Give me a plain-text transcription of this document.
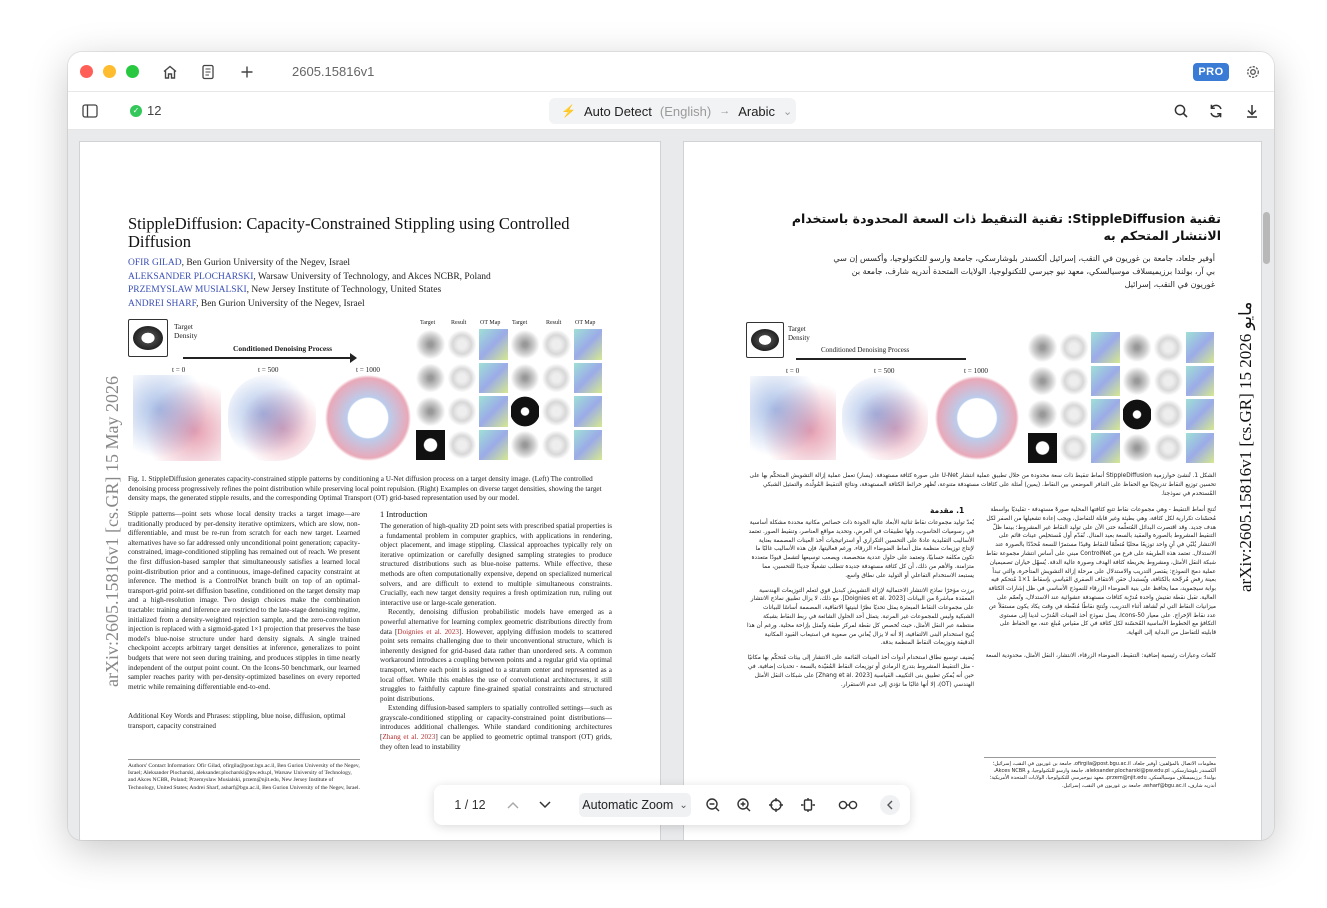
2605.15816v1	PRO
✓ 12	⚡ Auto Detect (English) → Arabic ⌄
arXiv:2605.15816v1 [cs.GR] 15 May 2026
StippleDiffusion: Capacity-Constrained Stippling using Controlled Diffusion
OFIR GILAD, Ben Gurion University of the Negev, Israel
ALEKSANDER PLOCHARSKI, Warsaw University of Technology, and Akces NCBR, Poland
PRZEMYSLAW MUSIALSKI, New Jersey Institute of Technology, United States
ANDREI SHARF, Ben Gurion University of the Negev, Israel
Target Density
Conditioned Denoising Process
t = 0	t = 500	t = 1000
Target	Result OT Map Target	Result OT Map
Fig. 1. StippleDiffusion generates capacity-constrained stipple patterns by conditioning a U-Net diffusion process on a target density image. (Left) The controlled denoising process progressively refines the point distribution while preserving local point repulsion. (Right) Examples on diverse target densities, showing the target density maps, the generated stipple results, and the corresponding Optimal Transport (OT) grid-based representation used by our model.
Stipple patterns—point sets whose local density tracks a target image—are traditionally produced by per-density iterative optimizers, which are slow, non-differentiable, and must be re-run from scratch for each new target. Learned alternatives have so far addressed only unconditional point generation; capacity-constrained, image-conditioned stippling has remained out of reach. We present the first diffusion-based sampler that simultaneously satisfies a learned local point-distribution prior and a continuous, image-defined capacity constraint at inference. The method is a ControlNet branch built on top of an optimal-transport-grid point-set diffusion baseline, conditioned on the target density map and a high-resolution image. Two design choices make the combination tractable: training and inference are restricted to the late-stage denoising regime, initialized from a density-weighted rejection sample, and the zero-convolution injection is replaced with a sigmoid-gated 1×1 projection that preserves the base model's blue-noise structure under hard density signals. A single trained checkpoint accepts arbitrary target densities at inference, generalizes to point budgets that were not seen during training, and produces stipples in time nearly independent of the output point count. On the Icons-50 benchmark, our learned sampler reaches parity with per-density-optimized baselines on every reported metric while remaining differentiable end-to-end.
Additional Key Words and Phrases: stippling, blue noise, diffusion, optimal transport, capacity constrained
Authors' Contact Information: Ofir Gilad, ofirgila@post.bgu.ac.il, Ben Gurion University of the Negev, Israel; Aleksander Plocharski, aleksander.plocharski@pw.edu.pl, Warsaw University of Technology, and Akces NCBR, Poland; Przemyslaw Musialski, przem@njit.edu, New Jersey Institute of Technology, United States; Andrei Sharf, asharf@bgu.ac.il, Ben Gurion University of the Negev, Israel.
1 Introduction

The generation of high-quality 2D point sets with prescribed spatial properties is a fundamental problem in computer graphics, with applications in rendering, object placement, and image stippling. Classical approaches typically rely on iterative optimization or carefully designed sampling strategies to produce structured distributions such as blue-noise patterns. While effective, these methods are often computationally expensive, depend on specialized numerical solvers, and are difficult to extend to multiple simultaneous constraints. Crucially, each new target density requires a fresh optimization run, ruling out interactive use or large-scale generation.

Recently, denoising diffusion probabilistic models have emerged as a powerful alternative for learning complex geometric distributions directly from data [Doignies et al. 2023]. However, applying diffusion models to scattered point sets remains challenging due to their unconventional structure, which is inherently designed for grid-based data rather than unordered sets. A common workaround introduces a coupling between points and a regular grid via optimal transport, where each point is assigned to a stratum center and represented as a local offset. While this enables the use of convolutional architectures, it still struggles to faithfully capture fine-grained spatial constraints and structured point distributions.

Extending diffusion-based samplers to spatially controlled settings—such as grayscale-conditioned stippling or capacity-constrained point distributions—introduces additional challenges. While standard conditioning architectures [Zhang et al. 2023] can be applied to geometric optimal transport (OT) grids, they often lead to instability

arXiv:2605.15816v1 [cs.GR] 15 2026 مايو
تقنية StippleDiffusion: تقنية التنقيط ذات السعة المحدودة باستخدام الانتشار المتحكم به
أوفير جلعاد، جامعة بن غوريون في النقب، إسرائيل ألكسندر بلوشارسكي، جامعة وارسو للتكنولوجيا، وأكسس إن سي بي آر، بولندا برزيميسلاف موسيالسكي، معهد نيو جيرسي للتكنولوجيا، الولايات المتحدة أندريه شارف، جامعة بن غوريون في النقب، إسرائيل
Target Density
Conditioned Denoising Process
t = 0	t = 500	t = 1000
الشكل 1. تُنشئ خوارزمية StippleDiffusion أنماط تنقيط ذات سعة محدودة من خلال تطبيق عملية انتشار U-Net على صورة كثافة مستهدفة. (يسار) تعمل عملية إزالة التشويش المتحكّم بها على تحسين توزيع النقاط تدريجيًا مع الحفاظ على التنافر الموضعي بين النقاط. (يمين) أمثلة على كثافات مستهدفة متنوعة، تُظهر خرائط الكثافة المستهدفة، ونتائج التنقيط المُولّدة، والتمثيل الشبكي المُستخدم في نموذجنا.

تُنتج أنماط التنقيط - وهي مجموعات نقاط تتبع كثافتها المحلية صورةً مستهدفة - تقليديًا بواسطة مُحسّنات تكرارية لكل كثافة، وهي بطيئة وغير قابلة للتفاضل، ويجب إعادة تشغيلها من الصفر لكل هدف جديد. وقد اقتصرت البدائل المُتعلّمة حتى الآن على توليد النقاط غير المشروط؛ بينما ظلّ التنقيط المشروط بالصورة والمقيد بالسعة بعيد المنال. نُقدّم أول مُستخلِص عينات قائم على الانتشار يُلبّي في آنٍ واحد توزيعًا محليًا مُتعلّمًا للنقاط وقيدًا مستمرًا للسعة مُحدّدًا بالصورة عند الاستدلال. تعتمد هذه الطريقة على فرع من ControlNet مبني على أساس انتشار مجموعة نقاط شبكة النقل الأمثل، ومشروط بخريطة كثافة الهدف وصورة عالية الدقة. يُسهّل خياران تصميميان عملية دمج النموذج: يقتصر التدريب والاستدلال على مرحلة إزالة التشويش المتأخرة، والتي تبدأ بعينة رفض مُرجّحة بالكثافة، ويُستبدل حقن الانتقاف الصفري القياسي بإسقاط 1×1 مُتحكم فيه بوابة سيجمويد، مما يحافظ على بنية الضوضاء الزرقاء للنموذج الأساسي في ظل إشارات الكثافة العالية. تقبل نقطة تفتيش واحدة مُدرّبة كثافات مستهدفة عشوائية عند الاستدلال، وتُعمّم على ميزانيات النقاط التي لم تُشاهد أثناء التدريب، وتُنتج نقاطًا مُنقّطة في وقت يكاد يكون مستقلاً عن عدد نقاط الإخراج. على معيار Icons-50، يصل نموذج أخذ العينات المُدرّب لدينا إلى مستوى التكافؤ مع الخطوط الأساسية المُحسّنة لكل كثافة في كل مقياس مُبلغ عنه، مع الحفاظ على قابليته للتفاضل من البداية إلى النهاية.

كلمات وعبارات رئيسية إضافية: التنقيط، الضوضاء الزرقاء، الانتشار، النقل الأمثل، محدودية السعة

1. مقدمة

يُعدّ توليد مجموعات نقاط ثنائية الأبعاد عالية الجودة ذات خصائص مكانية محددة مشكلة أساسية في رسوميات الحاسوب، ولها تطبيقات في العرض، وتحديد مواقع العناصر، وتنقيط الصور. تعتمد الأساليب التقليدية عادةً على التحسين التكراري أو استراتيجيات أخذ العينات المصممة بعناية لإنتاج توزيعات منظمة مثل أنماط الضوضاء الزرقاء. ورغم فعاليتها، فإن هذه الأساليب غالبًا ما تكون مكلفة حسابيًا، وتعتمد على حلول عددية متخصصة، ويصعب توسيعها لتشمل قيودًا متعددة متزامنة. والأهم من ذلك، أن كل كثافة مستهدفة جديدة تتطلب تشغيلًا جديدًا للتحسين، مما يستبعد الاستخدام التفاعلي أو التوليد على نطاق واسع.

برزت مؤخرًا نماذج الانتشار الاحتمالية لإزالة التشويش كبديل قوي لتعلم التوزيعات الهندسية المعقدة مباشرةً من البيانات [Doignies et al. 2023]. مع ذلك، لا يزال تطبيق نماذج الانتشار على مجموعات النقاط المبعثرة يمثل تحديًا نظرًا لبنيتها الاتفاقية، المصممة أساسًا للبيانات الشبكية وليس للمجموعات غير المرتبة. يتمثل أحد الحلول الشائعة في ربط النقاط بشبكة منتظمة عبر النقل الأمثل، حيث تُخصص كل نقطة لمركز طبقة وتُمثل بإزاحة محلية. ورغم أن هذا يُتيح استخدام البنى الالتفافية، إلا أنه لا يزال يُعاني من صعوبة في استيعاب القيود المكانية الدقيقة وتوزيعات النقاط المنظمة بدقة.

يُضيف توسيع نطاق استخدام أدوات أخذ العينات القائمة على الانتشار إلى بيئات مُتحكّم بها مكانيًا - مثل التنقيط المشروط بتدرج الرمادي أو توزيعات النقاط المُقيّدة بالسعة - تحديات إضافية. في حين أنه يُمكن تطبيق بنى التكييف القياسية [Zhang et al. 2023] على شبكات النقل الأمثل الهندسي (OT)، إلا أنها غالبًا ما تؤدي إلى عدم الاستقرار.

معلومات الاتصال بالمؤلفين: أوفير جلعاد، ofirgila@post.bgu.ac.il، جامعة بن غوريون في النقب، إسرائيل؛ ألكسندر بلوشارسكي، aleksander.plocharski@pw.edu.pl، جامعة وارسو للتكنولوجيا، و Akces NCBR، بولندا؛ برزيميسلاف موسيالسكي، przem@njit.edu، معهد نيوجيرسي للتكنولوجيا، الولايات المتحدة الأمريكية؛ أندريه شارف، asharf@bgu.ac.il، جامعة بن غوريون في النقب، إسرائيل.
1 / 12	Automatic Zoom ⌄
